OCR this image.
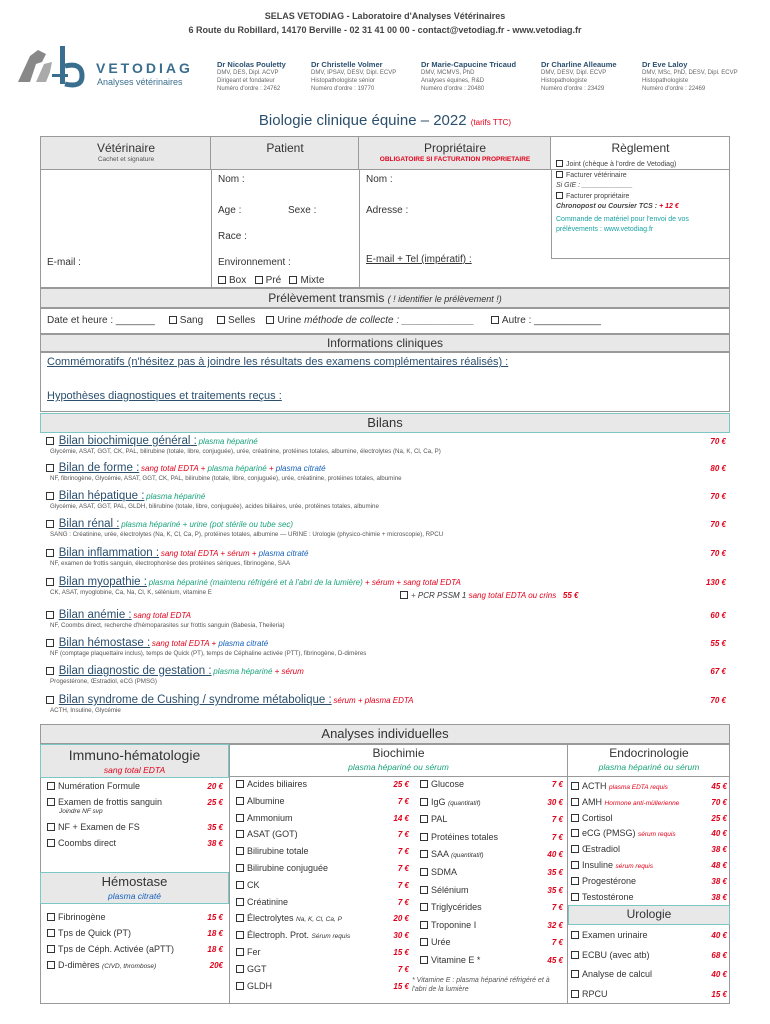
SELAS VETODIAG - Laboratoire d'Analyses Vétérinaires
6 Route du Robillard, 14170 Berville - 02 31 41 00 00 - contact@vetodiag.fr - www.vetodiag.fr
VETODIAG
Analyses vétérinaires
Dr Nicolas Pouletty
DMV, DES, Dipl. ACVP
Dirigeant et fondateur
Numéro d'ordre : 24762
Dr Christelle Volmer
DMV, IPSAV, DESV, Dipl. ECVP
Histopathologiste sénior
Numéro d'ordre : 19770
Dr Marie-Capucine Tricaud
DMV, MCMVS, PhD
Analyses équines, R&D
Numéro d'ordre : 20480
Dr Charline Alleaume
DMV, DESV, Dipl. ECVP
Histopathologiste
Numéro d'ordre : 23429
Dr Eve Laloy
DMV, MSc, PhD, DESV, Dipl. ECVP
Histopathologiste
Numéro d'ordre : 22469
Biologie clinique équine – 2022 (tarifs TTC)
Vétérinaire
Cachet et signature
Patient	Propriétaire
OBLIGATOIRE SI FACTURATION PROPRIETAIRE
Règlement
Nom :
Age :	Sexe :
Race :
Environnement :
Box Pré Mixte
E-mail :
Nom :
Adresse :
E-mail + Tel (impératif) :
Joint (chèque à l'ordre de Vetodiag)
Facturer vétérinaire
Si GIE : _____________
Facturer propriétaire
Chronopost ou Coursier TCS : + 12 €
Commande de matériel pour l'envoi de vos prélèvements : www.vetodiag.fr
Prélèvement transmis ( ! identifier le prélèvement !)
Date et heure : _______ Sang Selles Urine méthode de collecte : _____________	Autre : ____________
Informations cliniques
Commémoratifs (n'hésitez pas à joindre les résultats des examens complémentaires réalisés) :
Hypothèses diagnostiques et traitements reçus :
Bilans
Bilan biochimique général : plasma hépariné	70 €
Glycémie, ASAT, GGT, CK, PAL, bilirubine (totale, libre, conjuguée), urée, créatinine, protéines totales, albumine, électrolytes (Na, K, Cl, Ca, P)
Bilan de forme : sang total EDTA + plasma hépariné + plasma citraté	80 €
NF, fibrinogène, Glycémie, ASAT, GGT, CK, PAL, bilirubine (totale, libre, conjuguée), urée, créatinine, protéines totales, albumine
Bilan hépatique : plasma hépariné	70 €
Glycémie, ASAT, GGT, PAL, GLDH, bilirubine (totale, libre, conjuguée), acides biliaires, urée, protéines totales, albumine
Bilan rénal : plasma hépariné + urine (pot stérile ou tube sec)	70 €
SANG : Créatinine, urée, électrolytes (Na, K, Cl, Ca, P), protéines totales, albumine — URINE : Urologie (physico-chimie + microscopie), RPCU
Bilan inflammation : sang total EDTA + sérum + plasma citraté	70 €
NF, examen de frottis sanguin, électrophorèse des protéines sériques, fibrinogène, SAA
Bilan myopathie : plasma hépariné (maintenu réfrigéré et à l'abri de la lumière) + sérum + sang total EDTA	130 €
CK, ASAT, myoglobine, Ca, Na, Cl, K, sélénium, vitamine E	+ PCR PSSM 1 sang total EDTA ou crins 55 €
Bilan anémie : sang total EDTA	60 €
NF, Coombs direct, recherche d'hémoparasites sur frottis sanguin (Babesia, Theileria)
Bilan hémostase : sang total EDTA + plasma citraté	55 €
NF (comptage plaquettaire inclus), temps de Quick (PT), temps de Céphaline activée (PTT), fibrinogène, D-dimères
Bilan diagnostic de gestation : plasma hépariné + sérum	67 €
Progestérone, Œstradiol, eCG (PMSG)
Bilan syndrome de Cushing / syndrome métabolique : sérum + plasma EDTA	70 €
ACTH, Insuline, Glycémie
Analyses individuelles
Immuno-hématologie
sang total EDTA
Hémostase
plasma citraté
Biochimie
plasma hépariné ou sérum
Endocrinologie
plasma hépariné ou sérum
Urologie
* Vitamine E : plasma hépariné réfrigéré et à l'abri de la lumière
Numération Formule	20 €
Examen de frottis sanguin
Joindre NF svp
25 €
NF + Examen de FS	35 €
Coombs direct	38 €
Fibrinogène	15 €
Tps de Quick (PT)	18 €
Tps de Céph. Activée (aPTT)	18 €
D-dimères (CIVD, thrombose)	20€
Acides biliaires	25 €
Albumine	7 €
Ammonium	14 €
ASAT (GOT)	7 €
Bilirubine totale	7 €
Bilirubine conjuguée	7 €
CK	7 €
Créatinine	7 €
Électrolytes Na, K, Cl, Ca, P	20 €
Électroph. Prot. Sérum requis	30 €
Fer	15 €
GGT	7 €
GLDH	15 €
Glucose	7 €
IgG (quantitatif)	30 €
PAL	7 €
Protéines totales	7 €
SAA (quantitatif)	40 €
SDMA	35 €
Sélénium	35 €
Triglycérides	7 €
Troponine I	32 €
Urée	7 €
Vitamine E *	45 €
ACTH plasma EDTA requis	45 €
AMH Hormone anti-müllerienne	70 €
Cortisol	25 €
eCG (PMSG) sérum requis	40 €
Œstradiol	38 €
Insuline sérum requis	48 €
Progestérone	38 €
Testostérone	38 €
Examen urinaire	40 €
ECBU (avec atb)	68 €
Analyse de calcul	40 €
RPCU	15 €
